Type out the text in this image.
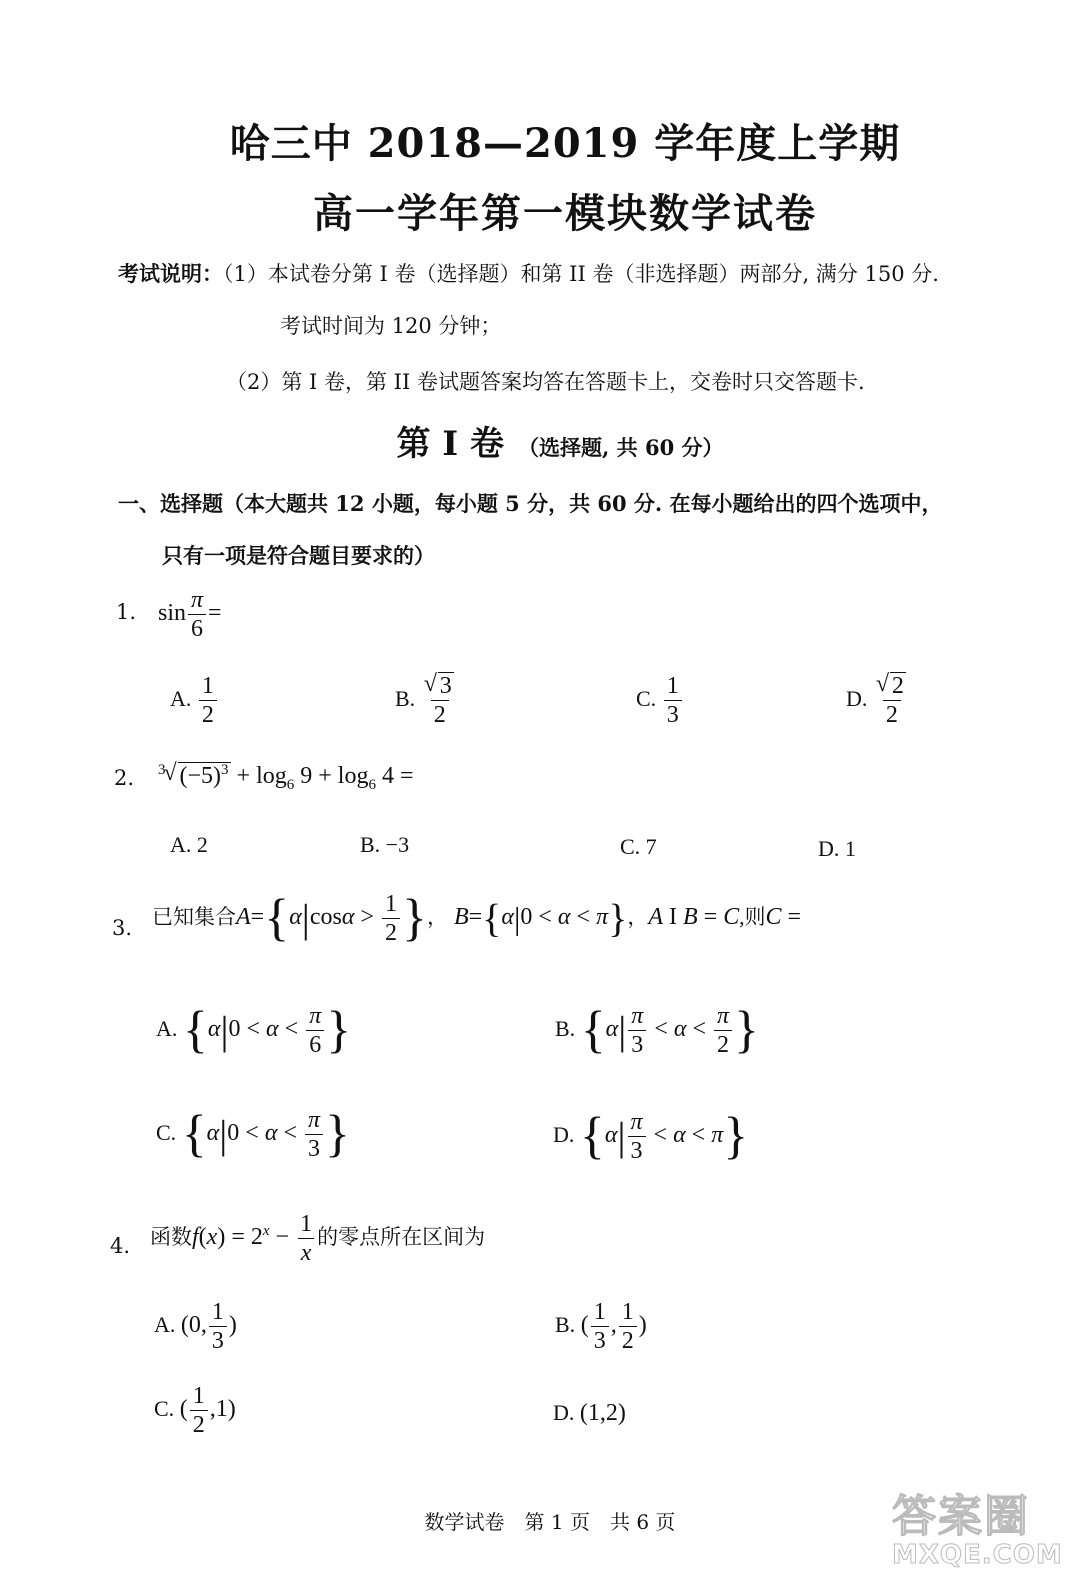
哈三中 2018—2019 学年度上学期
高一学年第一模块数学试卷
考试说明：（1）本试卷分第 I 卷（选择题）和第 II 卷（非选择题）两部分, 满分 150 分.
考试时间为 120 分钟；
（2）第 I 卷，第 II 卷试题答案均答在答题卡上，交卷时只交答题卡.
第 I 卷 （选择题, 共 60 分）
一、选择题（本大题共 12 小题，每小题 5 分，共 60 分. 在每小题给出的四个选项中，
只有一项是符合题目要求的）
1. $\sin \frac{\pi}{6}$ =
A. $\frac{1}{2}$	B. √ $\frac{3}{2}$	C. $\frac{1}{3}$	D. √ $\frac{2}{2}$
2. $^3$ √ $(-5)^3 + \log_6 9 + \log_6 4$ =
A. 2	B. −3	C. 7	D. 1
3. 已知集合$A=\{\alpha|\cos\alpha > \frac{1}{2}$ }， B={α|0 < α < π}，A I B = C,则C =
A. {$\alpha|0 < \alpha < \frac{\pi}{6}$ }	B. {$\alpha| \frac{\pi}{3} < \alpha < \frac{\pi}{2}$ }
C. {$\alpha|0 < \alpha < \frac{\pi}{3}$ }	D. $\{\alpha| \frac{\pi}{3} < \alpha < \pi\}$
4. 函数$f(x) = 2^x - \frac{1}{x}$ 的零点所在区间为
A. (0, $\frac{1}{3}$ )	B. ( $\frac{1}{3}$ , $\frac{1}{2}$ )
C. ( $\frac{1}{2} ,1$)	D. (1,2)
数学试卷　第 1 页　共 6 页	答案圈
MXQE.COM
